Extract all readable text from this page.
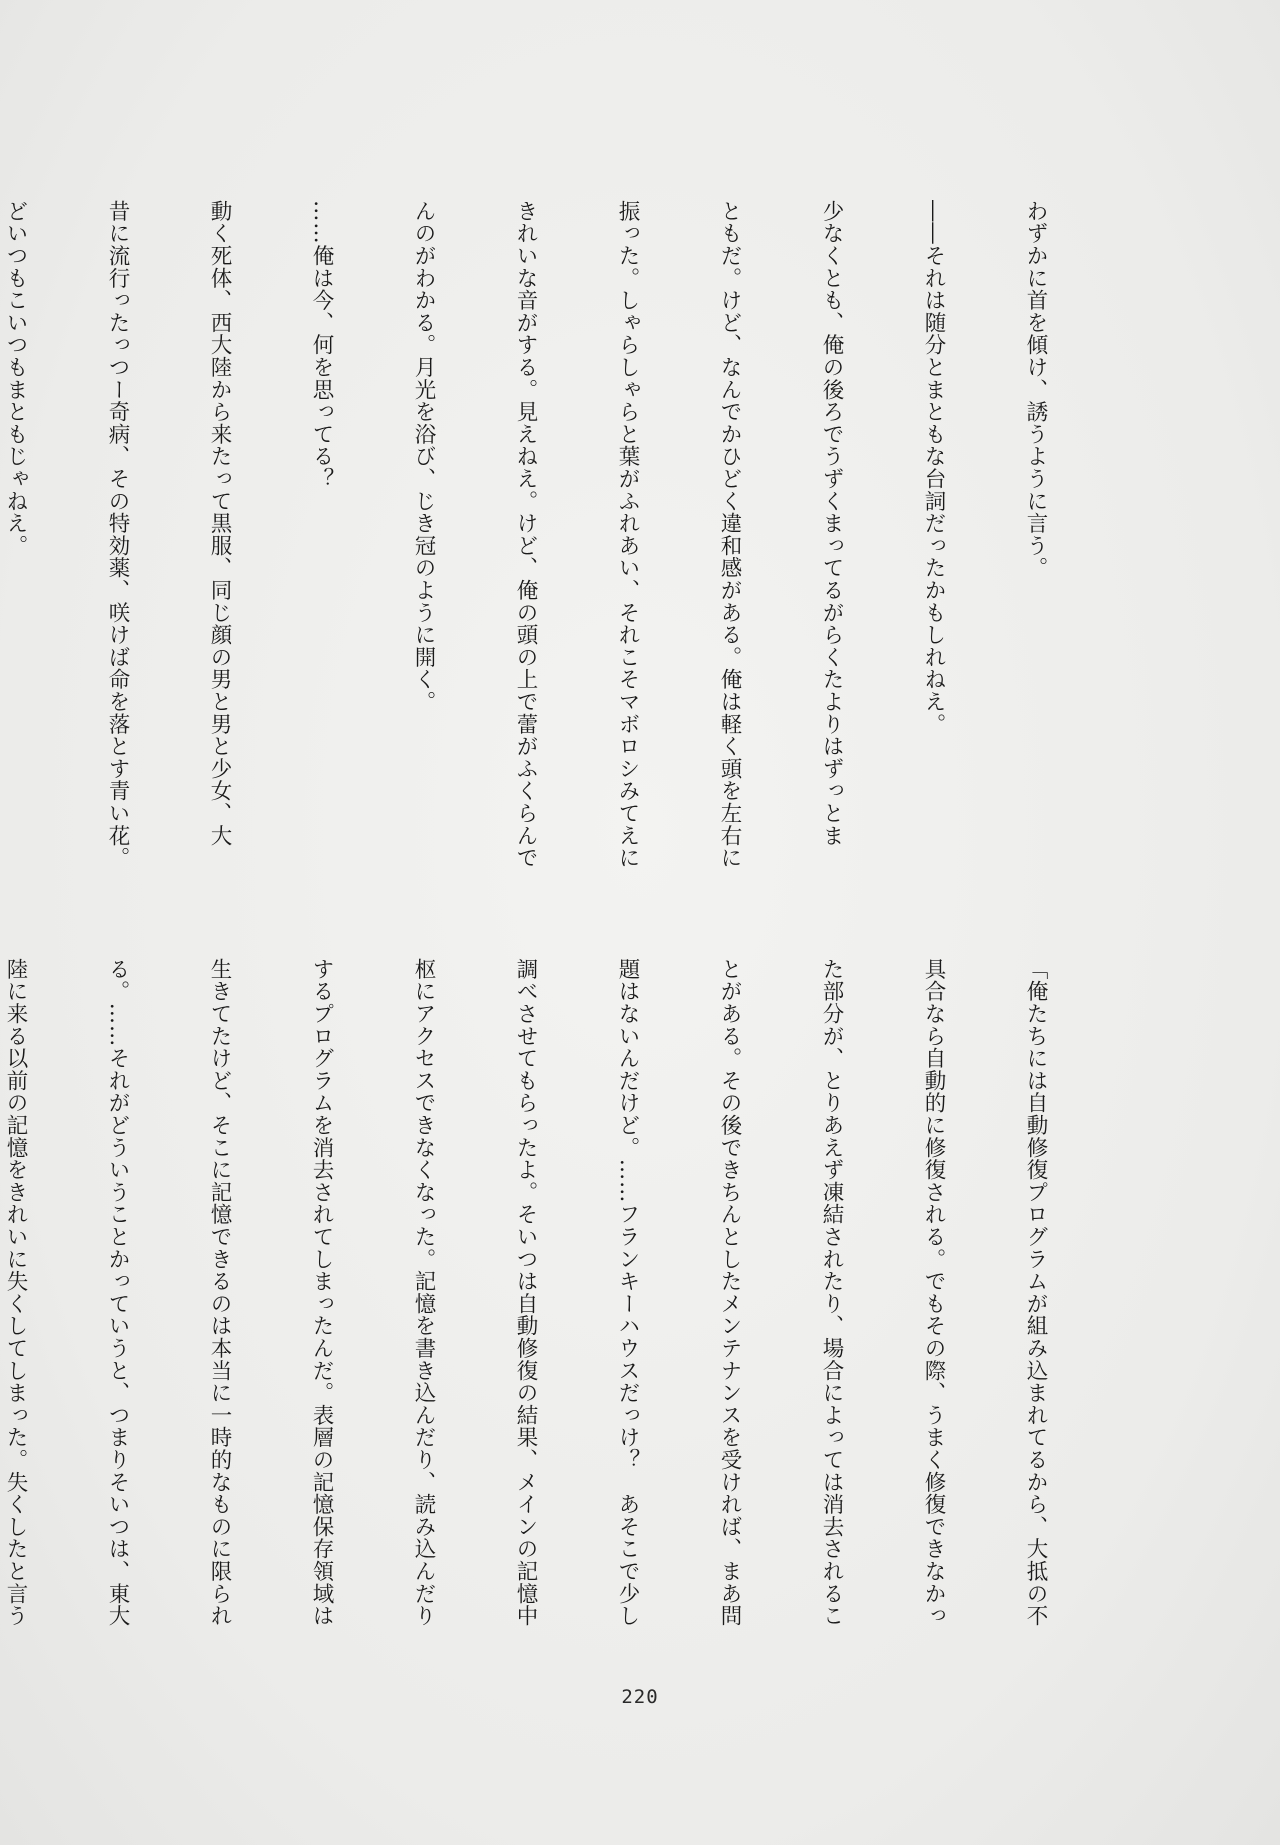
わずかに首を傾け、誘うように言う。

――それは随分とまともな台詞だったかもしれねえ。

少なくとも、俺の後ろでうずくまってるがらくたよりはずっとま

ともだ。けど、なんでかひどく違和感がある。俺は軽く頭を左右に

振った。しゃらしゃらと葉がふれあい、それこそマボロシみてえに

きれいな音がする。見えねえ。けど、俺の頭の上で蕾がふくらんで

んのがわかる。月光を浴び、じき冠のように開く。

……俺は今、何を思ってる？

動く死体、西大陸から来たって黒服、同じ顔の男と男と少女、大

昔に流行ったっつー奇病、その特効薬、咲けば命を落とす青い花。

どいつもこいつもまともじゃねえ。

「俺たちには自動修復プログラムが組み込まれてるから、大抵の不

具合なら自動的に修復される。でもその際、うまく修復できなかっ

た部分が、とりあえず凍結されたり、場合によっては消去されるこ

とがある。その後できちんとしたメンテナンスを受ければ、まあ問

題はないんだけど。……フランキーハウスだっけ？　あそこで少し

調べさせてもらったよ。そいつは自動修復の結果、メインの記憶中

枢にアクセスできなくなった。記憶を書き込んだり、読み込んだり

するプログラムを消去されてしまったんだ。表層の記憶保存領域は

生きてたけど、そこに記憶できるのは本当に一時的なものに限られ

る。……それがどういうことかっていうと、つまりそいつは、東大

陸に来る以前の記憶をきれいに失くしてしまった。失くしたと言う

220
